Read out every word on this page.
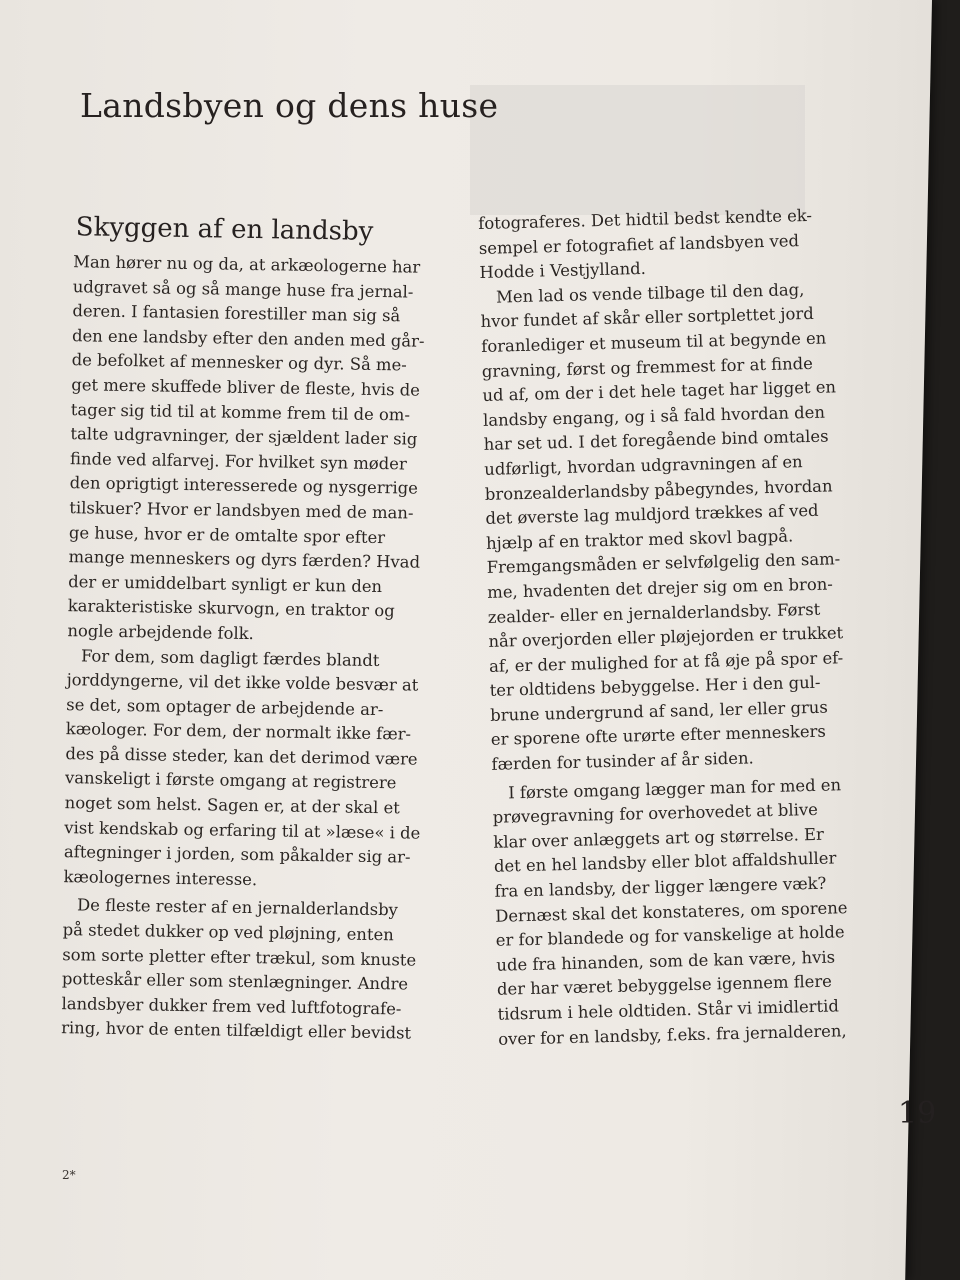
Landsbyen og dens huse
Skyggen af en landsby
Man hører nu og da, at arkæologerne har
udgravet så og så mange huse fra jernal-
deren. I fantasien forestiller man sig så
den ene landsby efter den anden med går-
de befolket af mennesker og dyr. Så me-
get mere skuffede bliver de fleste, hvis de
tager sig tid til at komme frem til de om-
talte udgravninger, der sjældent lader sig
finde ved alfarvej. For hvilket syn møder
den oprigtigt interesserede og nysgerrige
tilskuer? Hvor er landsbyen med de man-
ge huse, hvor er de omtalte spor efter
mange menneskers og dyrs færden? Hvad
der er umiddelbart synligt er kun den
karakteristiske skurvogn, en traktor og
nogle arbejdende folk.
For dem, som dagligt færdes blandt
jorddyngerne, vil det ikke volde besvær at
se det, som optager de arbejdende ar-
kæologer. For dem, der normalt ikke fær-
des på disse steder, kan det derimod være
vanskeligt i første omgang at registrere
noget som helst. Sagen er, at der skal et
vist kendskab og erfaring til at »læse« i de
aftegninger i jorden, som påkalder sig ar-
kæologernes interesse.
De fleste rester af en jernalderlandsby
på stedet dukker op ved pløjning, enten
som sorte pletter efter trækul, som knuste
potteskår eller som stenlægninger. Andre
landsbyer dukker frem ved luftfotografe-
ring, hvor de enten tilfældigt eller bevidst
fotograferes. Det hidtil bedst kendte ek-
sempel er fotografiet af landsbyen ved
Hodde i Vestjylland.
Men lad os vende tilbage til den dag,
hvor fundet af skår eller sortplettet jord
foranlediger et museum til at begynde en
gravning, først og fremmest for at finde
ud af, om der i det hele taget har ligget en
landsby engang, og i så fald hvordan den
har set ud. I det foregående bind omtales
udførligt, hvordan udgravningen af en
bronzealderlandsby påbegyndes, hvordan
det øverste lag muldjord trækkes af ved
hjælp af en traktor med skovl bagpå.
Fremgangsmåden er selvfølgelig den sam-
me, hvadenten det drejer sig om en bron-
zealder- eller en jernalderlandsby. Først
når overjorden eller pløjejorden er trukket
af, er der mulighed for at få øje på spor ef-
ter oldtidens bebyggelse. Her i den gul-
brune undergrund af sand, ler eller grus
er sporene ofte urørte efter menneskers
færden for tusinder af år siden.
I første omgang lægger man for med en
prøvegravning for overhovedet at blive
klar over anlæggets art og størrelse. Er
det en hel landsby eller blot affaldshuller
fra en landsby, der ligger længere væk?
Dernæst skal det konstateres, om sporene
er for blandede og for vanskelige at holde
ude fra hinanden, som de kan være, hvis
der har været bebyggelse igennem flere
tidsrum i hele oldtiden. Står vi imidlertid
over for en landsby, f.eks. fra jernalderen,

19

2*
